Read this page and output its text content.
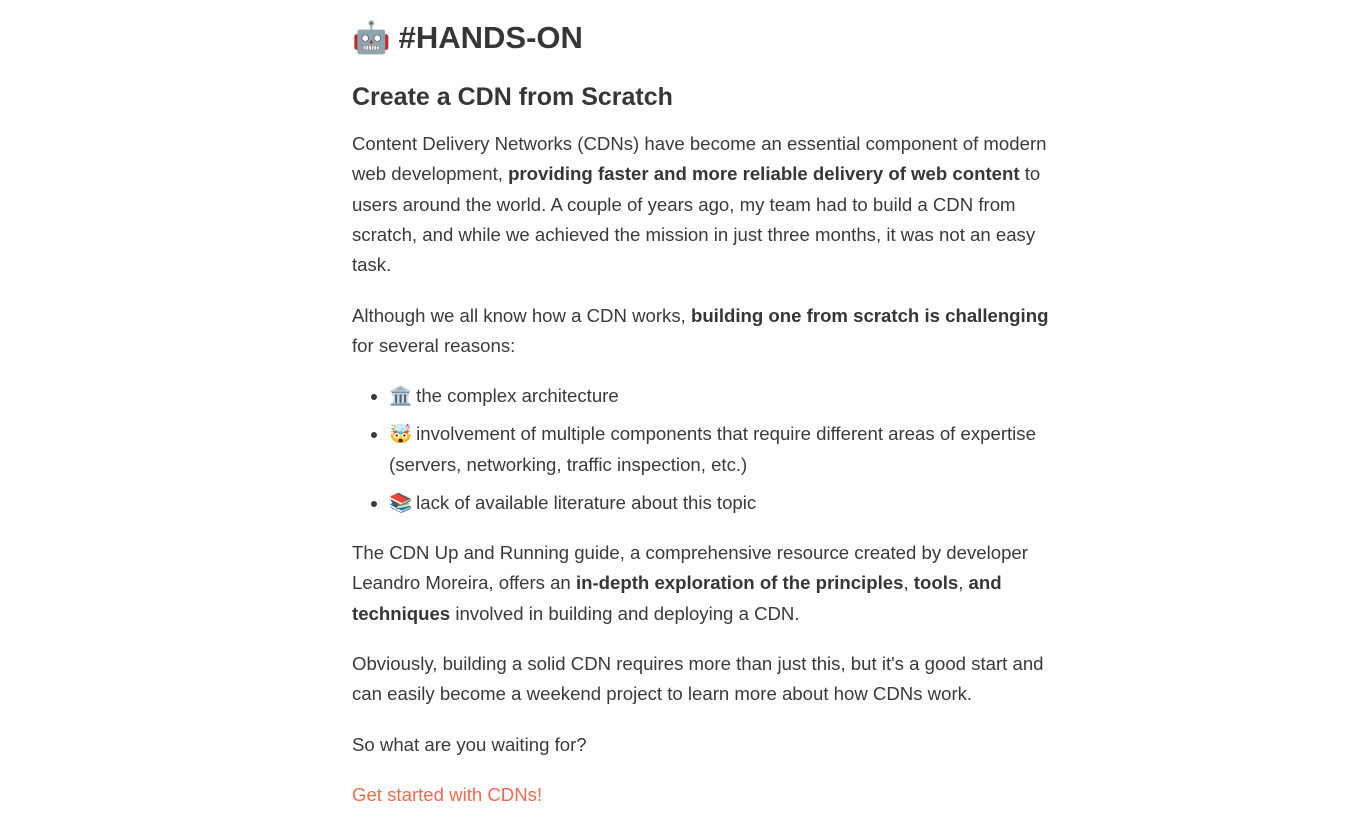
🤖 #HANDS-ON
Create a CDN from Scratch

Content Delivery Networks (CDNs) have become an essential component of modern web development, providing faster and more reliable delivery of web content to users around the world. A couple of years ago, my team had to build a CDN from scratch, and while we achieved the mission in just three months, it was not an easy task.

Although we all know how a CDN works, building one from scratch is challenging for several reasons:

• 🏛️ the complex architecture
• 🤯 involvement of multiple components that require different areas of expertise (servers, networking, traffic inspection, etc.)
• 📚 lack of available literature about this topic

The CDN Up and Running guide, a comprehensive resource created by developer Leandro Moreira, offers an in-depth exploration of the principles, tools, and techniques involved in building and deploying a CDN.

Obviously, building a solid CDN requires more than just this, but it's a good start and can easily become a weekend project to learn more about how CDNs work.

So what are you waiting for?

Get started with CDNs!
